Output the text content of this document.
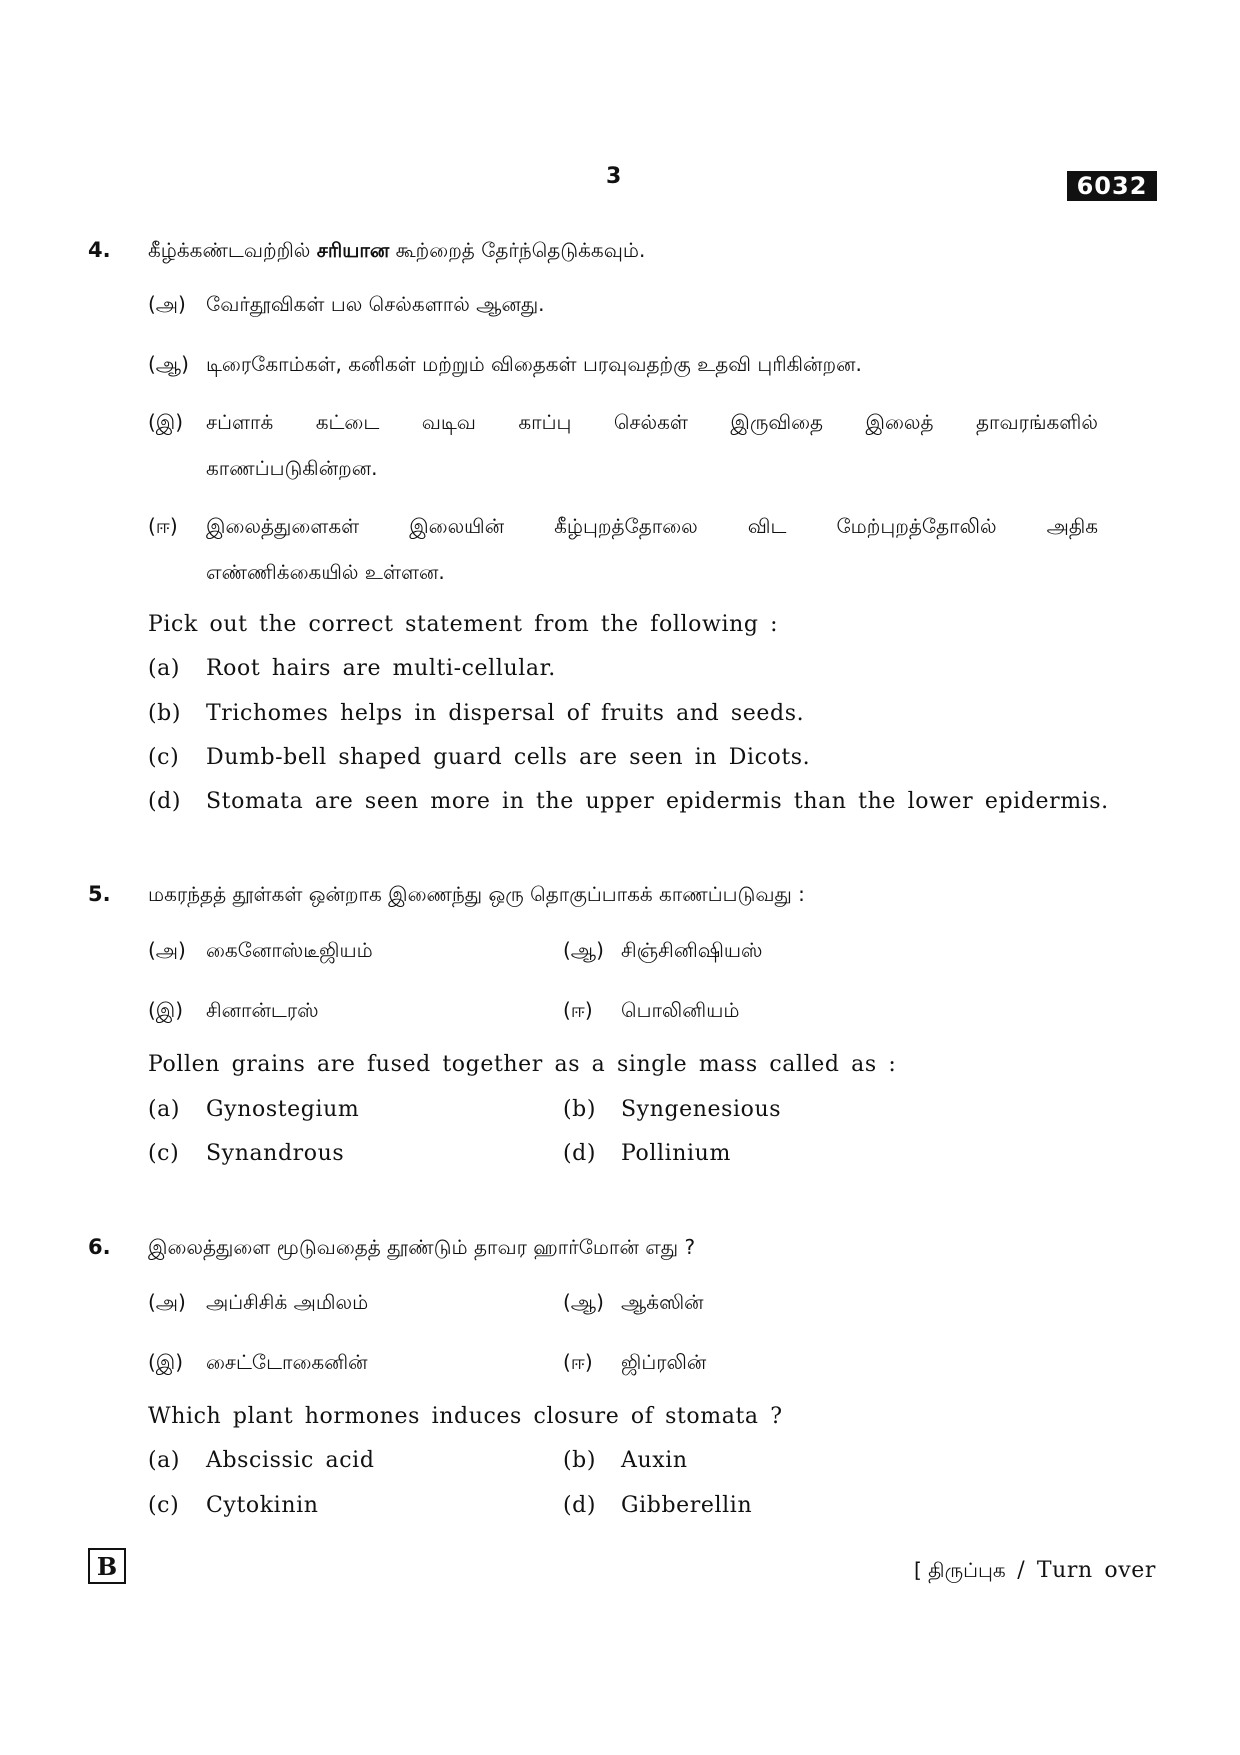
3	6032
4. கீழ்க்கண்டவற்றில் சரியான கூற்றைத் தேர்ந்தெடுக்கவும்.
(அ) வேர்தூவிகள் பல செல்களால் ஆனது.
(ஆ) டிரைகோம்கள், கனிகள் மற்றும் விதைகள் பரவுவதற்கு உதவி புரிகின்றன.
(இ)	சப்ளாக் கட்டை வடிவ காப்பு செல்கள் இருவிதை இலைத் தாவரங்களில்
காணப்படுகின்றன.
(ஈ)	இலைத்துளைகள் இலையின் கீழ்புறத்தோலை விட மேற்புறத்தோலில் அதிக
எண்ணிக்கையில் உள்ளன.
Pick out the correct statement from the following :
(a) Root hairs are multi-cellular.
(b) Trichomes helps in dispersal of fruits and seeds.
(c) Dumb-bell shaped guard cells are seen in Dicots.
(d) Stomata are seen more in the upper epidermis than the lower epidermis.
5. மகரந்தத் தூள்கள் ஒன்றாக இணைந்து ஒரு தொகுப்பாகக் காணப்படுவது :
(அ) கைனோஸ்டீஜியம்	(ஆ) சிஞ்சினிஷியஸ்
(இ) சினான்டரஸ்	(ஈ) பொலினியம்
Pollen grains are fused together as a single mass called as :
(a) Gynostegium	(b) Syngenesious
(c) Synandrous	(d) Pollinium
6. இலைத்துளை மூடுவதைத் தூண்டும் தாவர ஹார்மோன் எது ?
(அ) அப்சிசிக் அமிலம்	(ஆ) ஆக்ஸின்
(இ) சைட்டோகைனின்	(ஈ) ஜிப்ரலின்
Which plant hormones induces closure of stomata ?
(a) Abscissic acid	(b) Auxin
(c) Cytokinin	(d) Gibberellin
B	[ திருப்புக / Turn over
